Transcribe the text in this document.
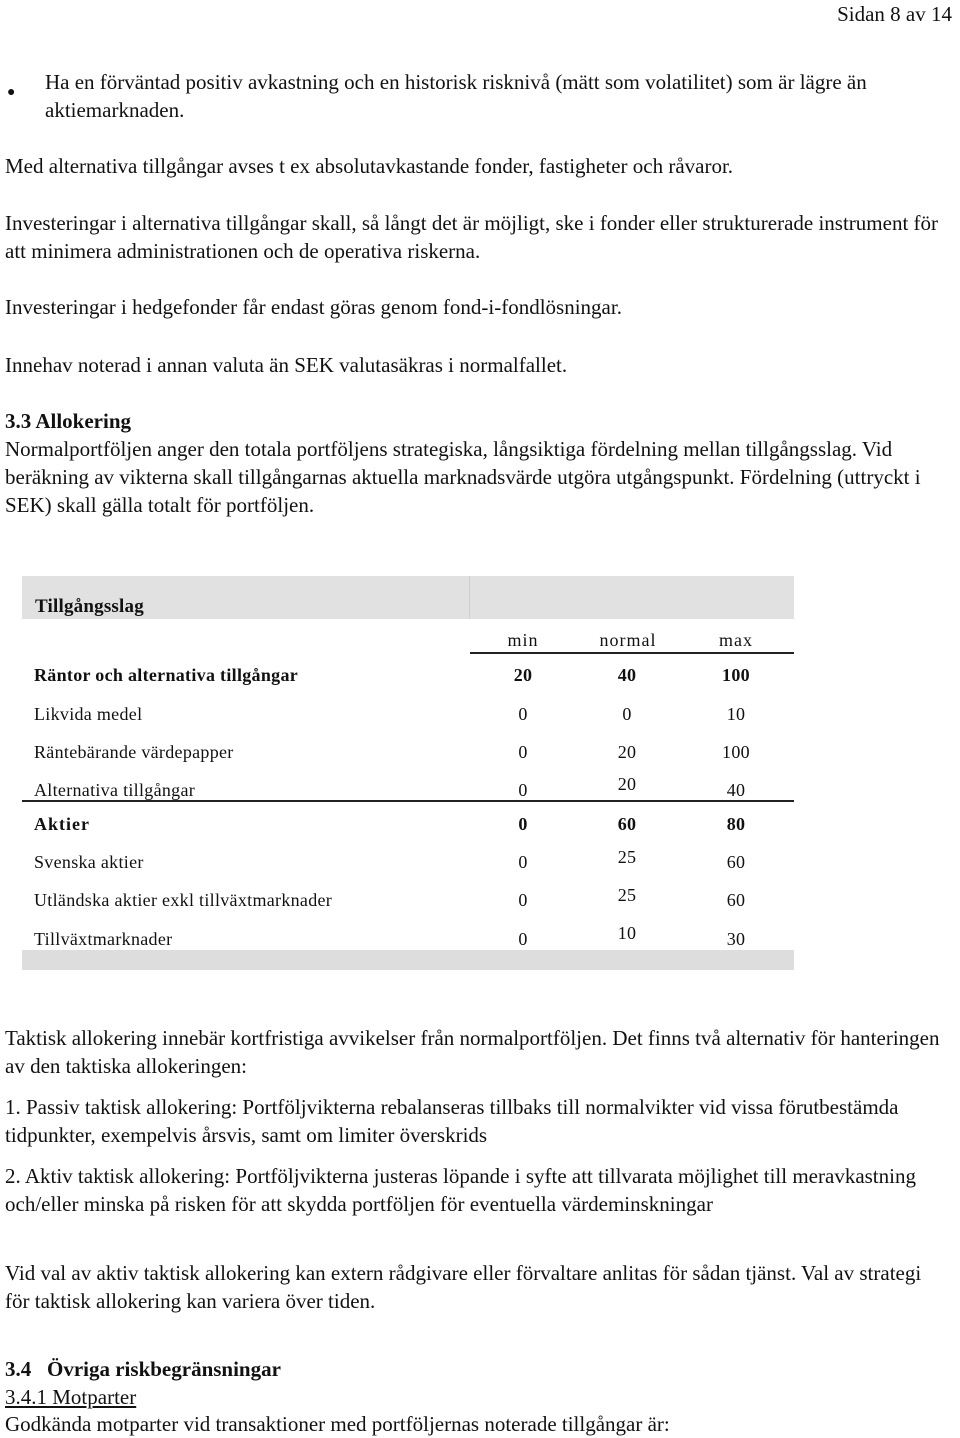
Sidan 8 av 14
● Ha en förväntad positiv avkastning och en historisk risknivå (mätt som volatilitet) som är lägre än aktiemarknaden.

Med alternativa tillgångar avses t ex absolutavkastande fonder, fastigheter och råvaror.

Investeringar i alternativa tillgångar skall, så långt det är möjligt, ske i fonder eller strukturerade instrument för att minimera administrationen och de operativa riskerna.

Investeringar i hedgefonder får endast göras genom fond-i-fondlösningar.

Innehav noterad i annan valuta än SEK valutasäkras i normalfallet.

3.3 Allokering

Normalportföljen anger den totala portföljens strategiska, långsiktiga fördelning mellan tillgångsslag. Vid beräkning av vikterna skall tillgångarnas aktuella marknadsvärde utgöra utgångspunkt. Fördelning (uttryckt i SEK) skall gälla totalt för portföljen.

Tillgångsslag
min	normal	max
Räntor och alternativa tillgångar	20	40	100
Likvida medel	0	0	10
Räntebärande värdepapper	0	20	100
Alternativa tillgångar	0	20	40
Aktier	0	60	80
Svenska aktier	0	25	60
Utländska aktier exkl tillväxtmarknader	0	25	60
Tillväxtmarknader	0	10	30

Taktisk allokering innebär kortfristiga avvikelser från normalportföljen. Det finns två alternativ för hanteringen av den taktiska allokeringen:

1. Passiv taktisk allokering: Portföljvikterna rebalanseras tillbaks till normalvikter vid vissa förutbestämda tidpunkter, exempelvis årsvis, samt om limiter överskrids

2. Aktiv taktisk allokering: Portföljvikterna justeras löpande i syfte att tillvarata möjlighet till meravkastning och/eller minska på risken för att skydda portföljen för eventuella värdeminskningar

Vid val av aktiv taktisk allokering kan extern rådgivare eller förvaltare anlitas för sådan tjänst. Val av strategi för taktisk allokering kan variera över tiden.

3.4   Övriga riskbegränsningar

3.4.1 Motparter

Godkända motparter vid transaktioner med portföljernas noterade tillgångar är:
